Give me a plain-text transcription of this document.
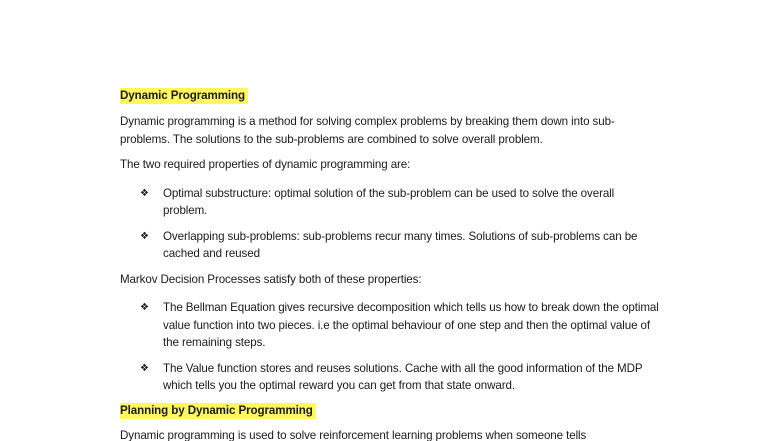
Dynamic Programming

Dynamic programming is a method for solving complex problems by breaking them down into sub-problems. The solutions to the sub-problems are combined to solve overall problem.

The two required properties of dynamic programming are:

❖ Optimal substructure: optimal solution of the sub-problem can be used to solve the overall problem.
❖ Overlapping sub-problems: sub-problems recur many times. Solutions of sub-problems can be cached and reused

Markov Decision Processes satisfy both of these properties:

❖ The Bellman Equation gives recursive decomposition which tells us how to break down the optimal value function into two pieces. i.e the optimal behaviour of one step and then the optimal value of the remaining steps.
❖ The Value function stores and reuses solutions. Cache with all the good information of the MDP which tells you the optimal reward you can get from that state onward.
Planning by Dynamic Programming

Dynamic programming is used to solve reinforcement learning problems when someone tells
